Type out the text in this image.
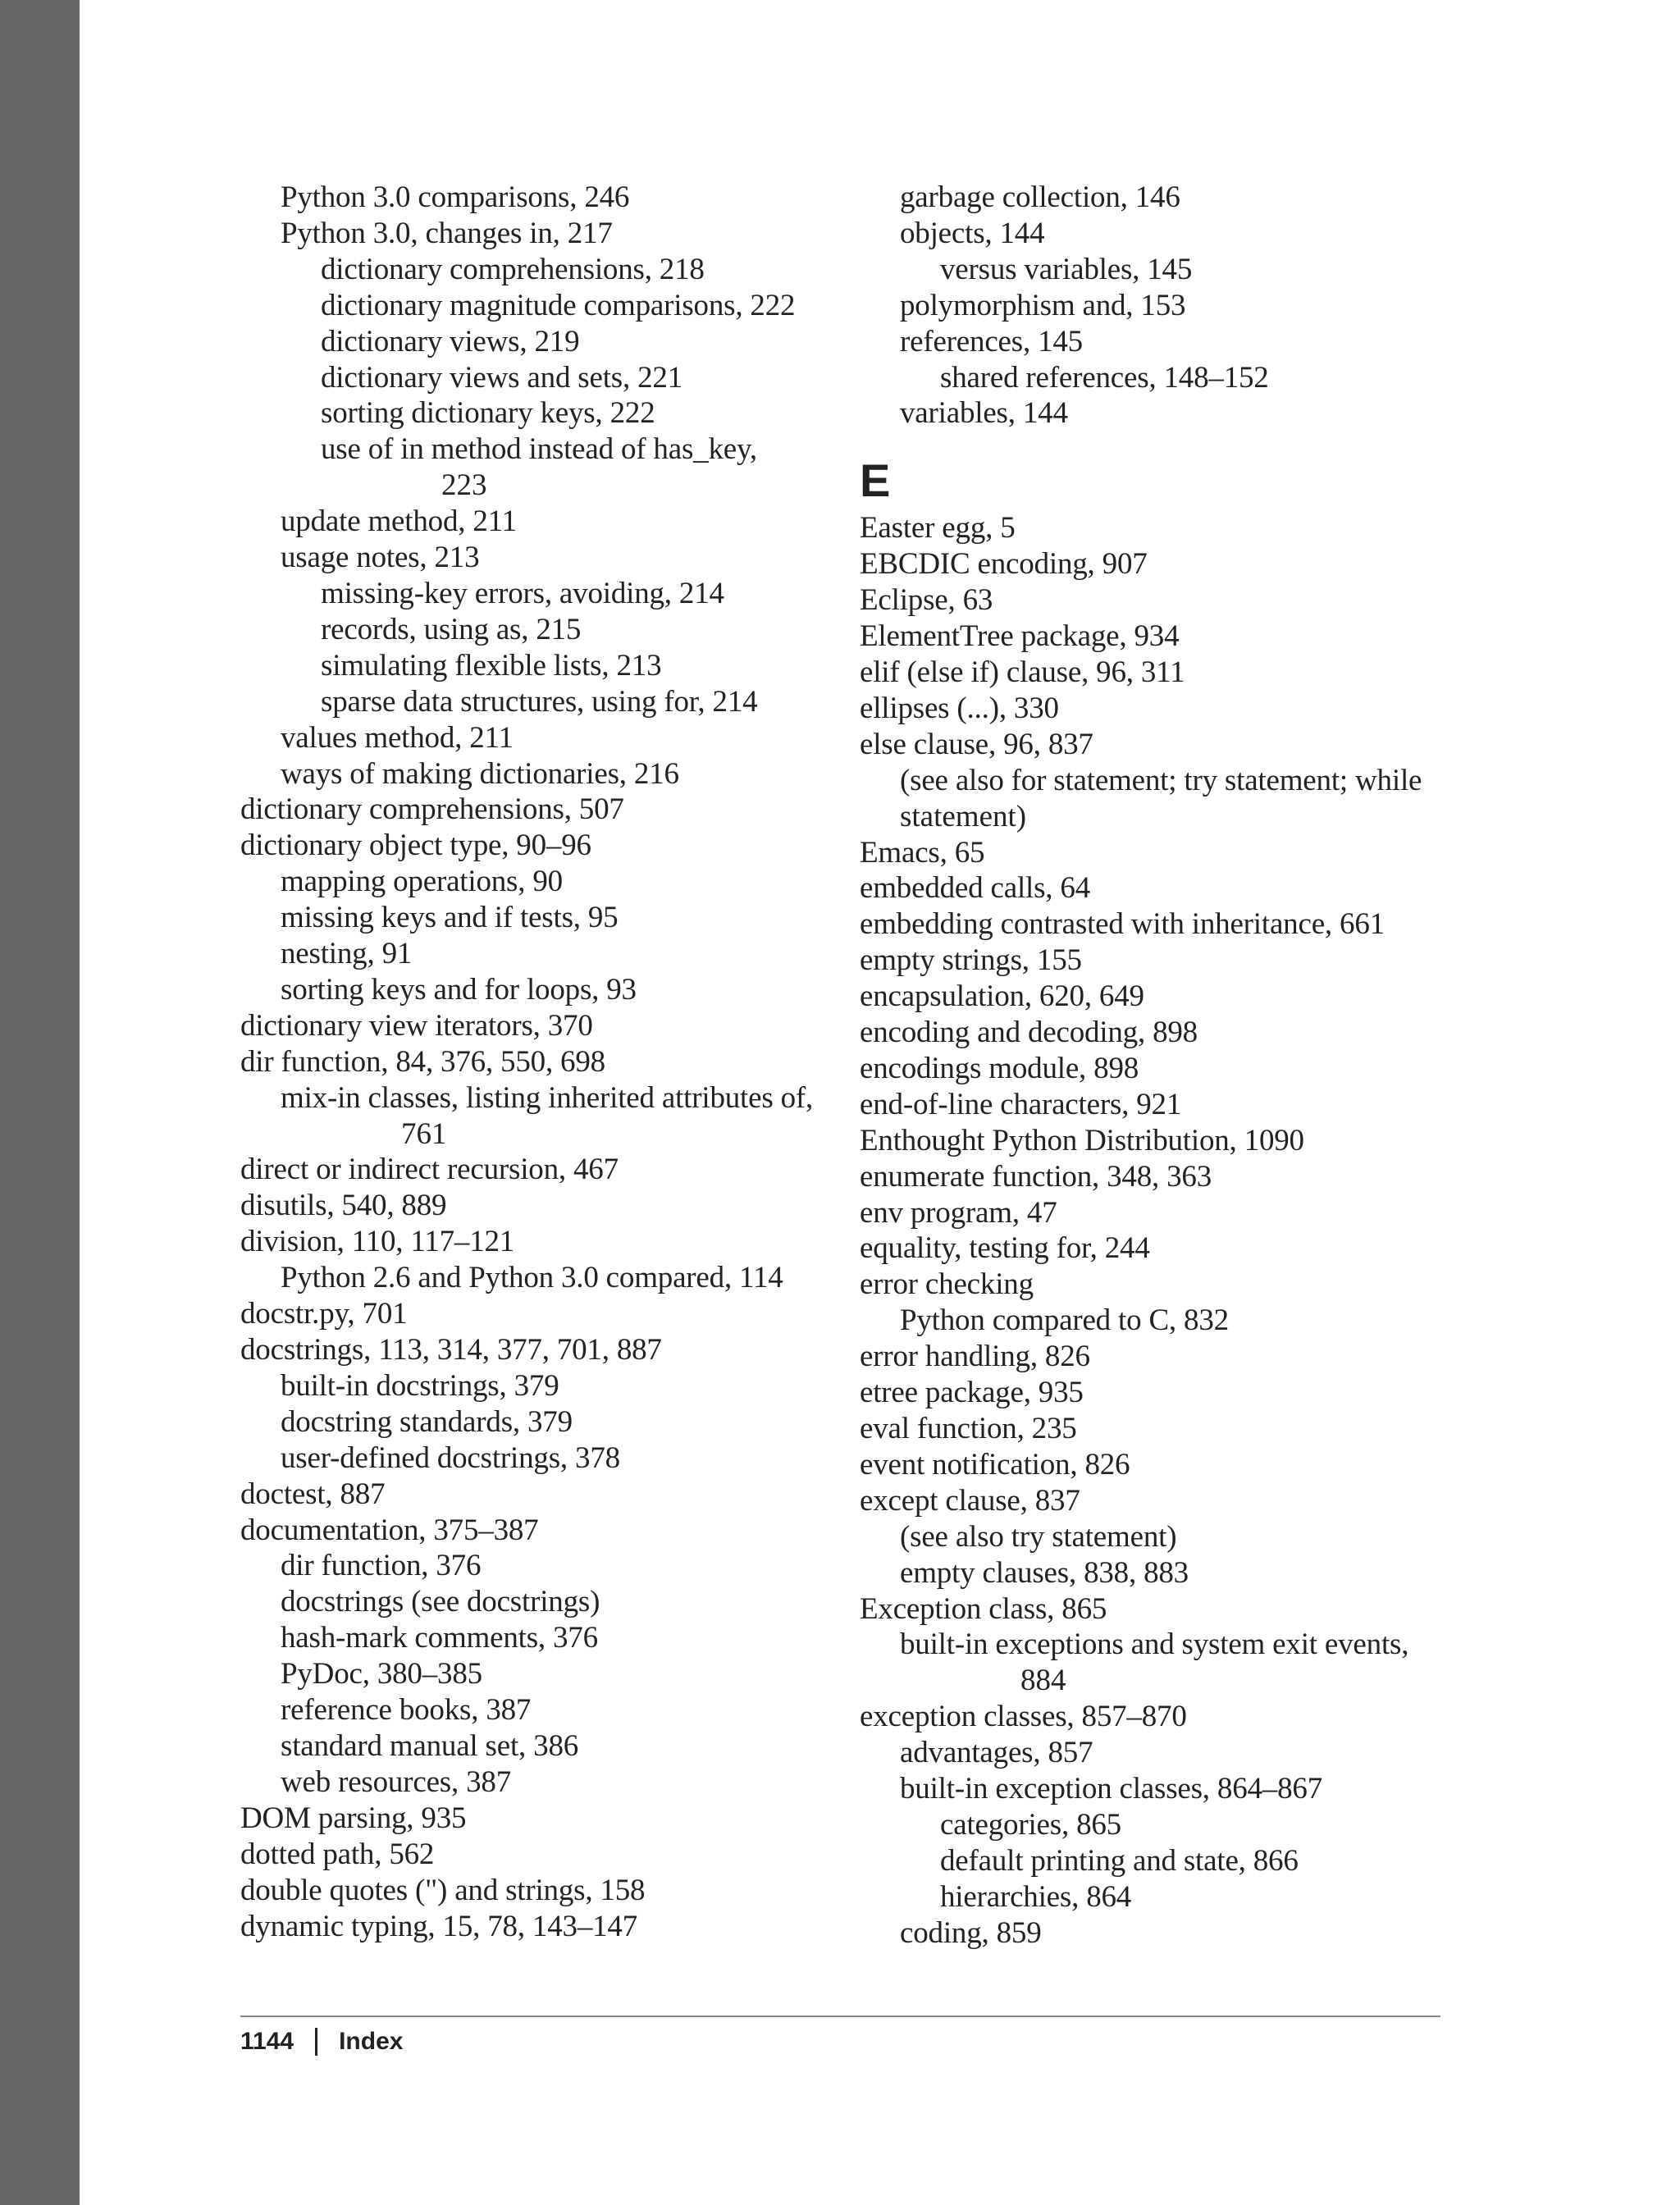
Python 3.0 comparisons, 246

Python 3.0, changes in, 217

dictionary comprehensions, 218

dictionary magnitude comparisons, 222

dictionary views, 219

dictionary views and sets, 221

sorting dictionary keys, 222

use of in method instead of has_key,

223

update method, 211

usage notes, 213

missing-key errors, avoiding, 214

records, using as, 215

simulating flexible lists, 213

sparse data structures, using for, 214

values method, 211

ways of making dictionaries, 216

dictionary comprehensions, 507

dictionary object type, 90–96

mapping operations, 90

missing keys and if tests, 95

nesting, 91

sorting keys and for loops, 93

dictionary view iterators, 370

dir function, 84, 376, 550, 698

mix-in classes, listing inherited attributes of,

761

direct or indirect recursion, 467

disutils, 540, 889

division, 110, 117–121

Python 2.6 and Python 3.0 compared, 114

docstr.py, 701

docstrings, 113, 314, 377, 701, 887

built-in docstrings, 379

docstring standards, 379

user-defined docstrings, 378

doctest, 887

documentation, 375–387

dir function, 376

docstrings (see docstrings)

hash-mark comments, 376

PyDoc, 380–385

reference books, 387

standard manual set, 386

web resources, 387

DOM parsing, 935

dotted path, 562

double quotes (") and strings, 158

dynamic typing, 15, 78, 143–147

garbage collection, 146

objects, 144

versus variables, 145

polymorphism and, 153

references, 145

shared references, 148–152

variables, 144

E

Easter egg, 5

EBCDIC encoding, 907

Eclipse, 63

ElementTree package, 934

elif (else if) clause, 96, 311

ellipses (...), 330

else clause, 96, 837

(see also for statement; try statement; while

statement)

Emacs, 65

embedded calls, 64

embedding contrasted with inheritance, 661

empty strings, 155

encapsulation, 620, 649

encoding and decoding, 898

encodings module, 898

end-of-line characters, 921

Enthought Python Distribution, 1090

enumerate function, 348, 363

env program, 47

equality, testing for, 244

error checking

Python compared to C, 832

error handling, 826

etree package, 935

eval function, 235

event notification, 826

except clause, 837

(see also try statement)

empty clauses, 838, 883

Exception class, 865

built-in exceptions and system exit events,

884

exception classes, 857–870

advantages, 857

built-in exception classes, 864–867

categories, 865

default printing and state, 866

hierarchies, 864

coding, 859

1144 Index
